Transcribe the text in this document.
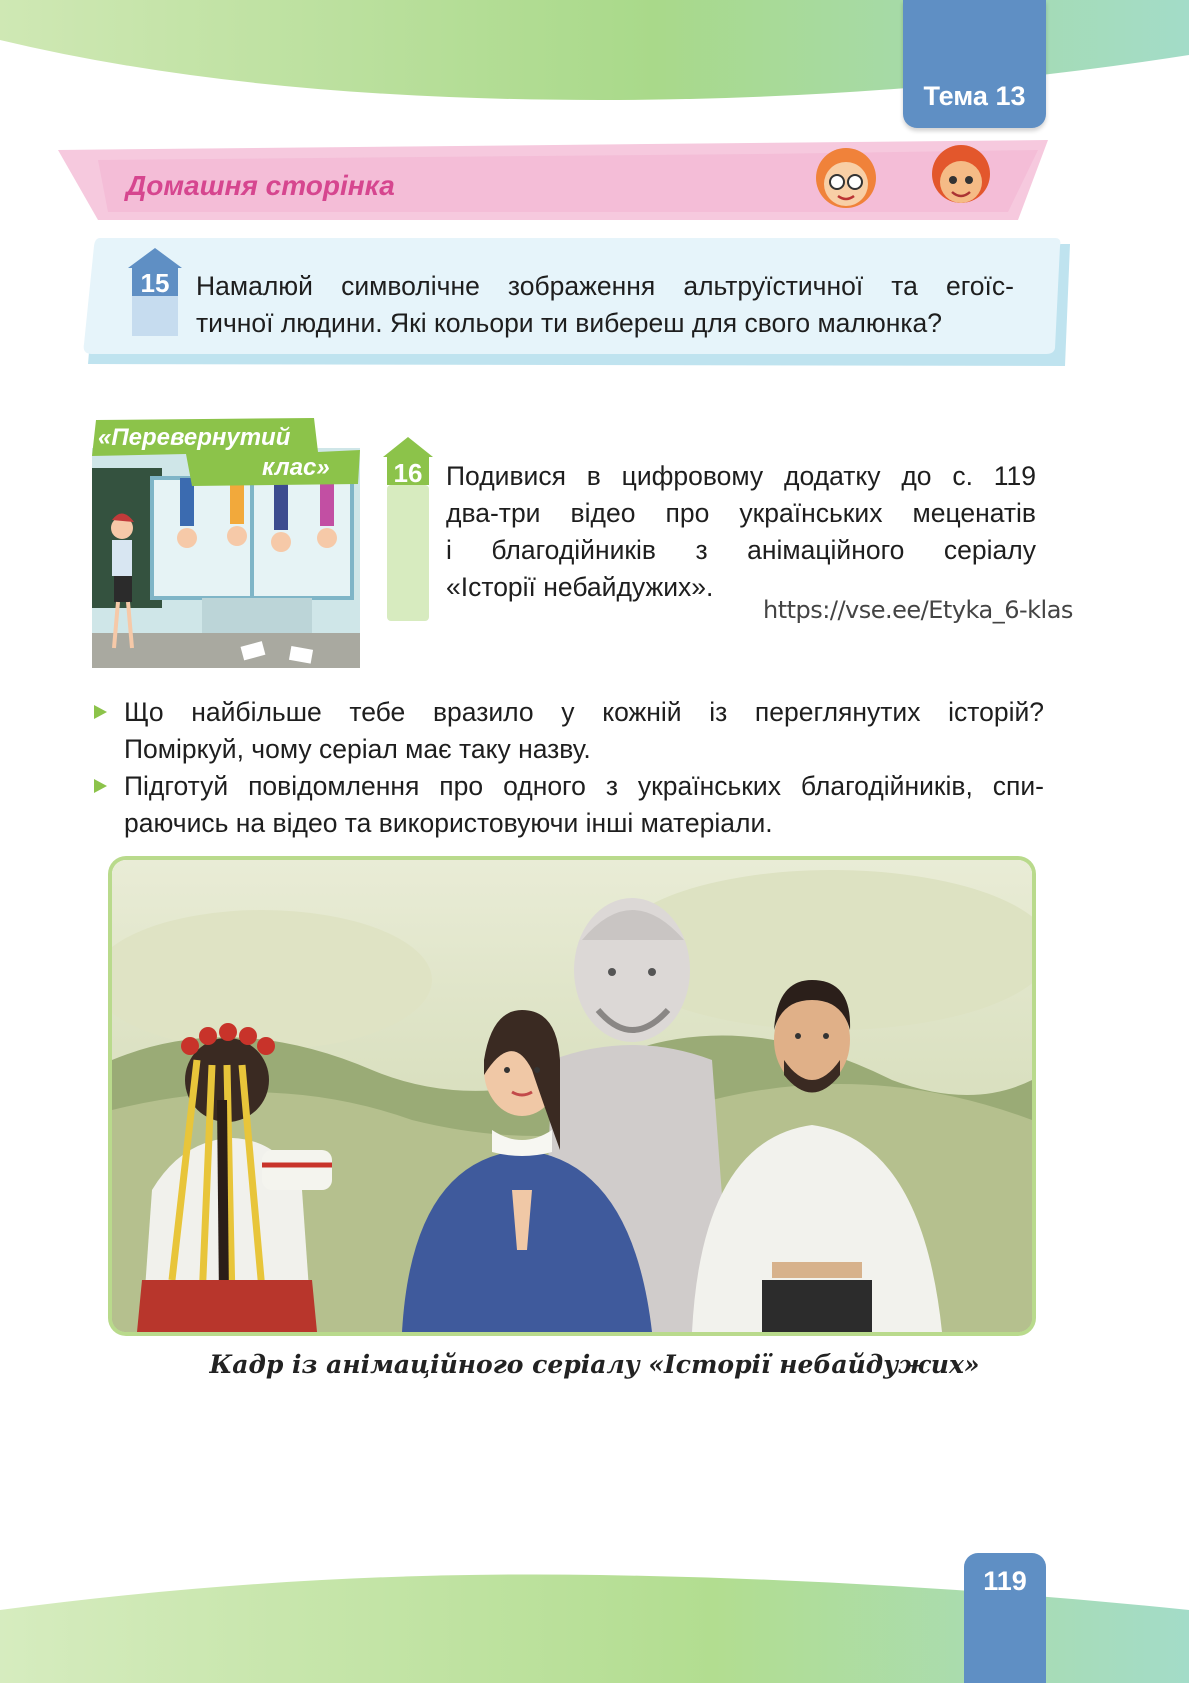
Тема 13
Домашня сторінка
15	Намалюй символічне зображення альтруїстичної та егоїс-
тичної людини. Які кольори ти вибереш для свого малюнка?
«Перевернутий
клас» 16 Подивися в цифровому додатку до с. 119
два-три відео про українських меценатів
і благодійників з анімаційного серіалу
«Історії небайдужих».
https://vse.ee/Etyka_6-klas
Що найбільше тебе вразило у кожній із переглянутих історій?
Поміркуй, чому серіал має таку назву.
Підготуй повідомлення про одного з українських благодійників, спи-
раючись на відео та використовуючи інші матеріали.
Кадр із анімаційного серіалу «Історії небайдужих»
119
